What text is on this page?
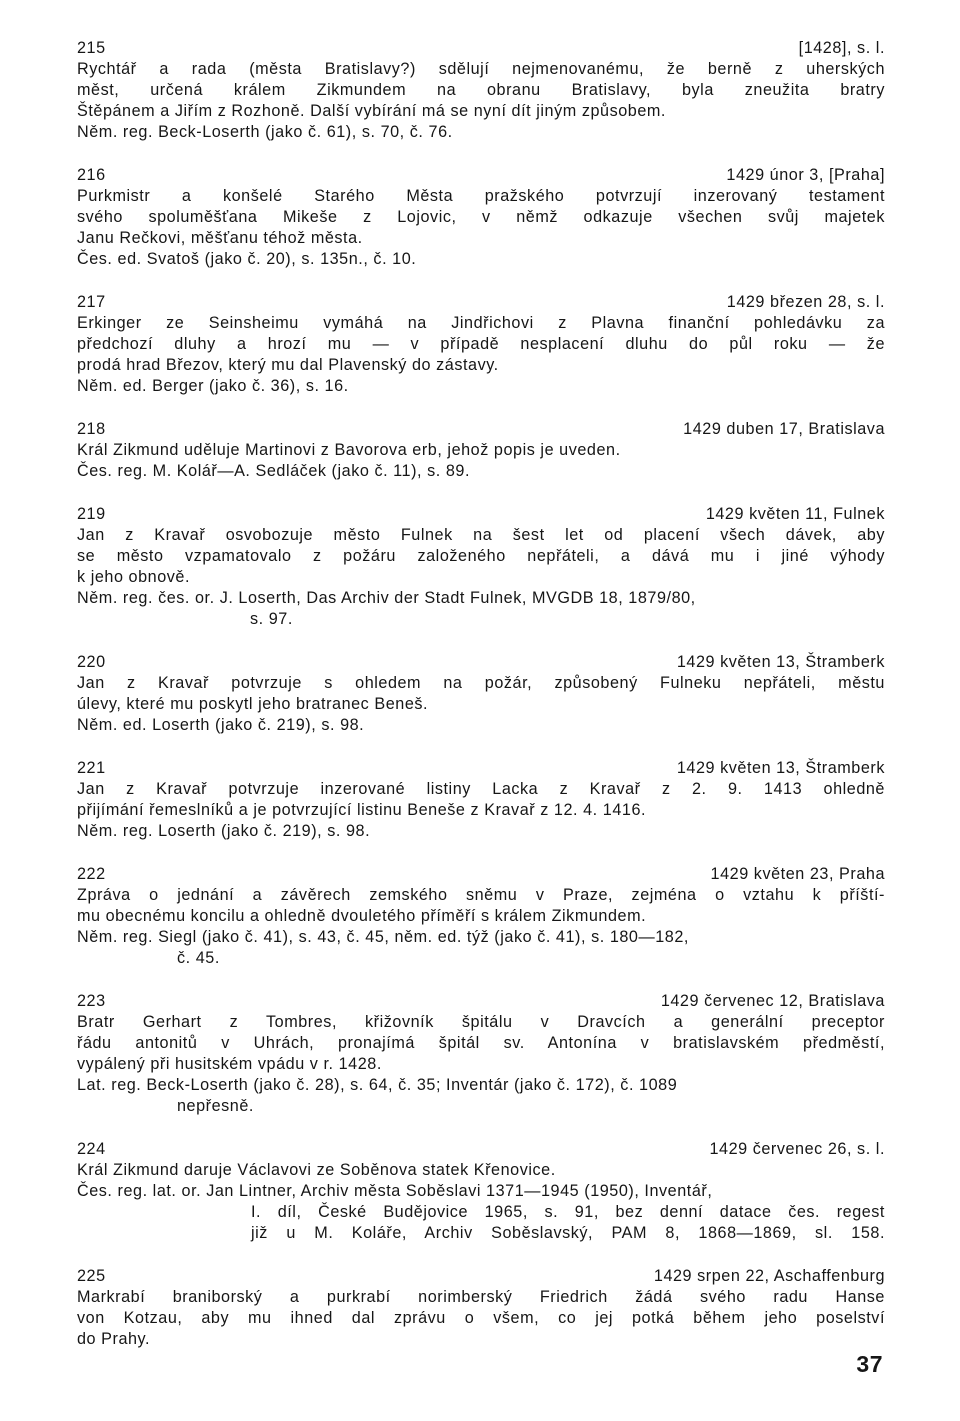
215	[1428], s. l.
Rychtář a rada (města Bratislavy?) sdělují nejmenovanému, že berně z uherských
měst, určená králem Zikmundem na obranu Bratislavy, byla zneužita bratry
Štěpánem a Jiřím z Rozhoně. Další vybírání má se nyní dít jiným způsobem.
Něm. reg. Beck-Loserth (jako č. 61), s. 70, č. 76.
216	1429 únor 3, [Praha]
Purkmistr a konšelé Starého Města pražského potvrzují inzerovaný testament
svého spoluměšťana Mikeše z Lojovic, v němž odkazuje všechen svůj majetek
Janu Rečkovi, měšťanu téhož města.
Čes. ed. Svatoš (jako č. 20), s. 135n., č. 10.
217	1429 březen 28, s. l.
Erkinger ze Seinsheimu vymáhá na Jindřichovi z Plavna finanční pohledávku za
předchozí dluhy a hrozí mu — v případě nesplacení dluhu do půl roku — že
prodá hrad Březov, který mu dal Plavenský do zástavy.
Něm. ed. Berger (jako č. 36), s. 16.
218	1429 duben 17, Bratislava
Král Zikmund uděluje Martinovi z Bavorova erb, jehož popis je uveden.
Čes. reg. M. Kolář—A. Sedláček (jako č. 11), s. 89.
219	1429 květen 11, Fulnek
Jan z Kravař osvobozuje město Fulnek na šest let od placení všech dávek, aby
se město vzpamatovalo z požáru založeného nepřáteli, a dává mu i jiné výhody
k jeho obnově.
Něm. reg. čes. or. J. Loserth, Das Archiv der Stadt Fulnek, MVGDB 18, 1879/80,
s. 97.
220	1429 květen 13, Štramberk
Jan z Kravař potvrzuje s ohledem na požár, způsobený Fulneku nepřáteli, městu
úlevy, které mu poskytl jeho bratranec Beneš.
Něm. ed. Loserth (jako č. 219), s. 98.
221	1429 květen 13, Štramberk
Jan z Kravař potvrzuje inzerované listiny Lacka z Kravař z 2. 9. 1413 ohledně
přijímání řemeslníků a je potvrzující listinu Beneše z Kravař z 12. 4. 1416.
Něm. reg. Loserth (jako č. 219), s. 98.
222	1429 květen 23, Praha
Zpráva o jednání a závěrech zemského sněmu v Praze, zejména o vztahu k příští-
mu obecnému koncilu a ohledně dvouletého příměří s králem Zikmundem.
Něm. reg. Siegl (jako č. 41), s. 43, č. 45, něm. ed. týž (jako č. 41), s. 180—182,
č. 45.
223	1429 červenec 12, Bratislava
Bratr Gerhart z Tombres, křižovník špitálu v Dravcích a generální preceptor
řádu antonitů v Uhrách, pronajímá špitál sv. Antonína v bratislavském předměstí,
vypálený při husitském vpádu v r. 1428.
Lat. reg. Beck-Loserth (jako č. 28), s. 64, č. 35; Inventár (jako č. 172), č. 1089
nepřesně.
224	1429 červenec 26, s. l.
Král Zikmund daruje Václavovi ze Soběnova statek Křenovice.
Čes. reg. lat. or. Jan Lintner, Archiv města Soběslavi 1371—1945 (1950), Inventář,
I. díl, České Budějovice 1965, s. 91, bez denní datace čes. regest
již u M. Koláře, Archiv Soběslavský, PAM 8, 1868—1869, sl. 158.
225	1429 srpen 22, Aschaffenburg
Markrabí braniborský a purkrabí norimberský Friedrich žádá svého radu Hanse
von Kotzau, aby mu ihned dal zprávu o všem, co jej potká během jeho poselství
do Prahy.
37
